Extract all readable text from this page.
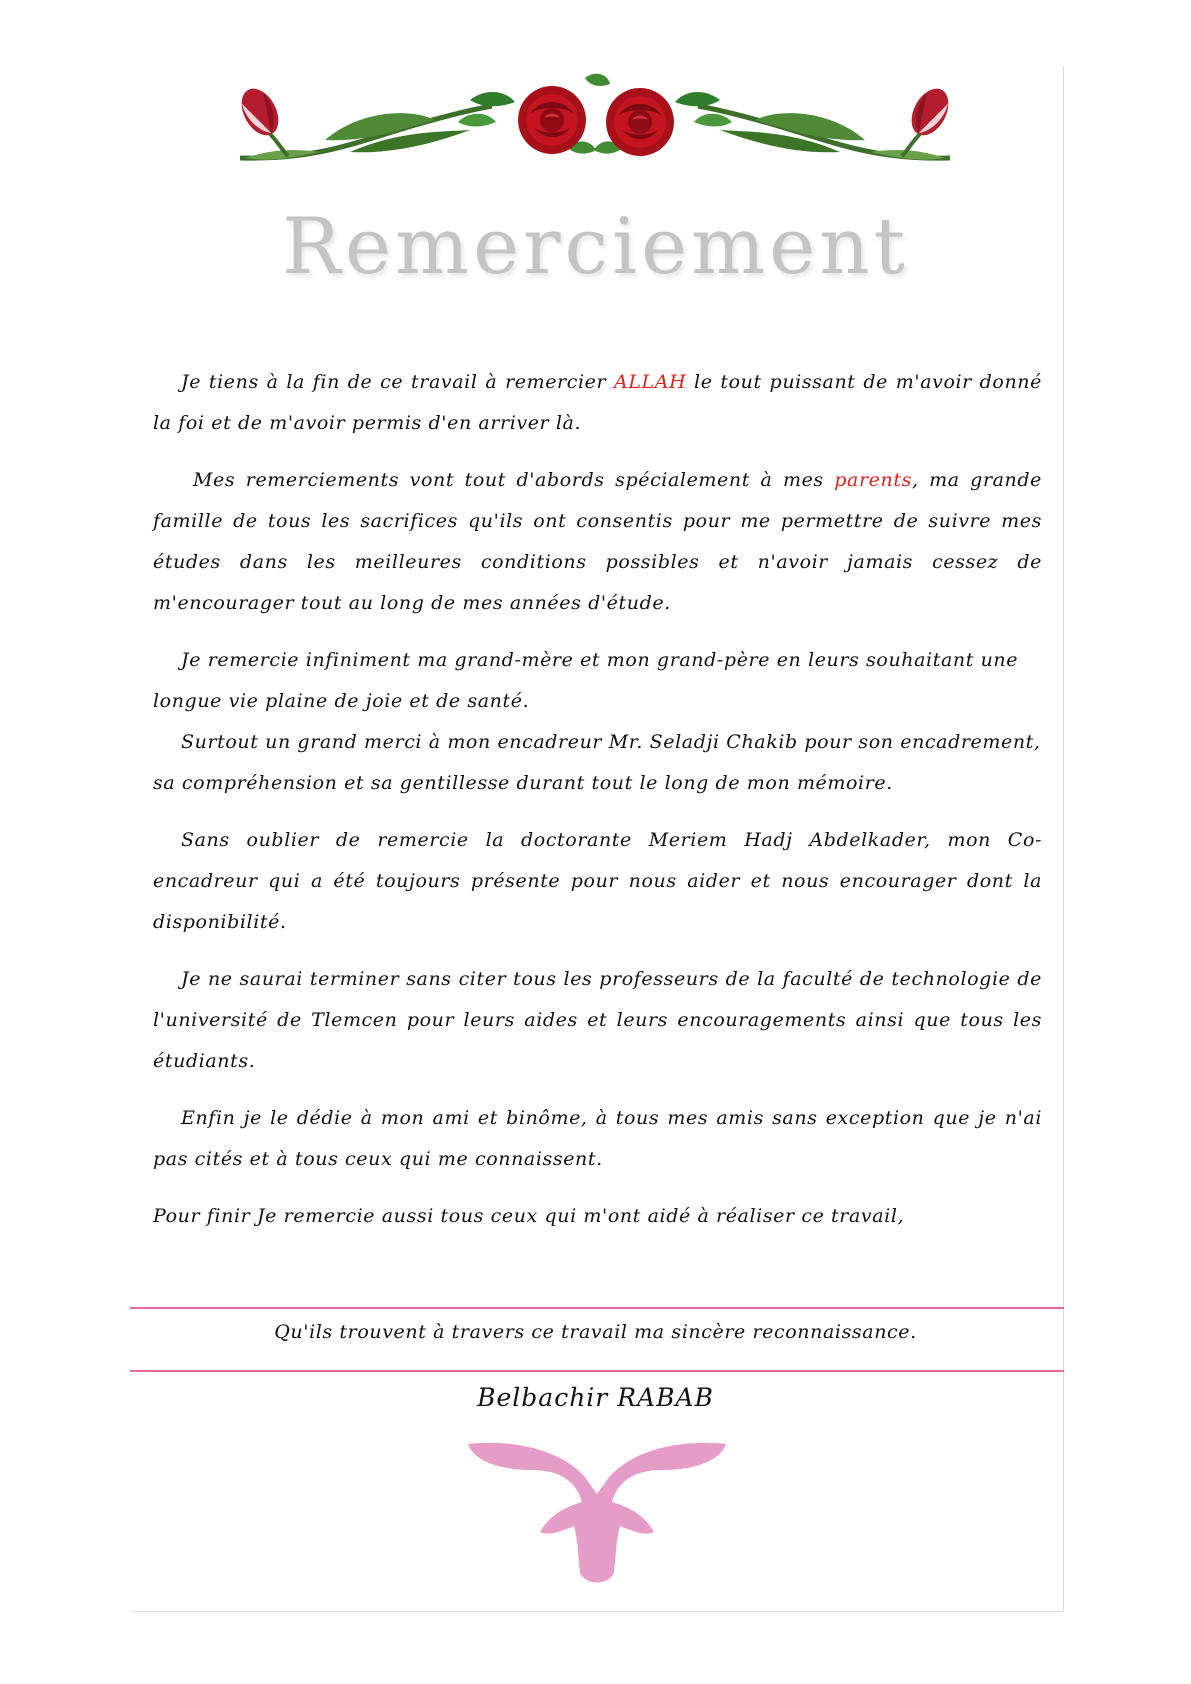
Remerciement

Je tiens à la fin de ce travail à remercier ALLAH le tout puissant de m'avoir donné la foi et de m'avoir permis d'en arriver là.

Mes remerciements vont tout d'abords spécialement à mes parents, ma grande famille de tous les sacrifices qu'ils ont consentis pour me permettre de suivre mes études dans les meilleures conditions possibles et n'avoir jamais cessez de m'encourager tout au long de mes années d'étude.

Je remercie infiniment ma grand-mère et mon grand-père en leurs souhaitant une longue vie plaine de joie et de santé.

Surtout un grand merci à mon encadreur Mr. Seladji Chakib pour son encadrement, sa compréhension et sa gentillesse durant tout le long de mon mémoire.

Sans oublier de remercie la doctorante Meriem Hadj Abdelkader, mon Co-encadreur qui a été toujours présente pour nous aider et nous encourager dont la disponibilité.

Je ne saurai terminer sans citer tous les professeurs de la faculté de technologie de l'université de Tlemcen pour leurs aides et leurs encouragements ainsi que tous les étudiants.

Enfin je le dédie à mon ami et binôme, à tous mes amis sans exception que je n'ai pas cités et à tous ceux qui me connaissent.

Pour finir Je remercie aussi tous ceux qui m'ont aidé à réaliser ce travail,

Qu'ils trouvent à travers ce travail ma sincère reconnaissance.
Belbachir RABAB
